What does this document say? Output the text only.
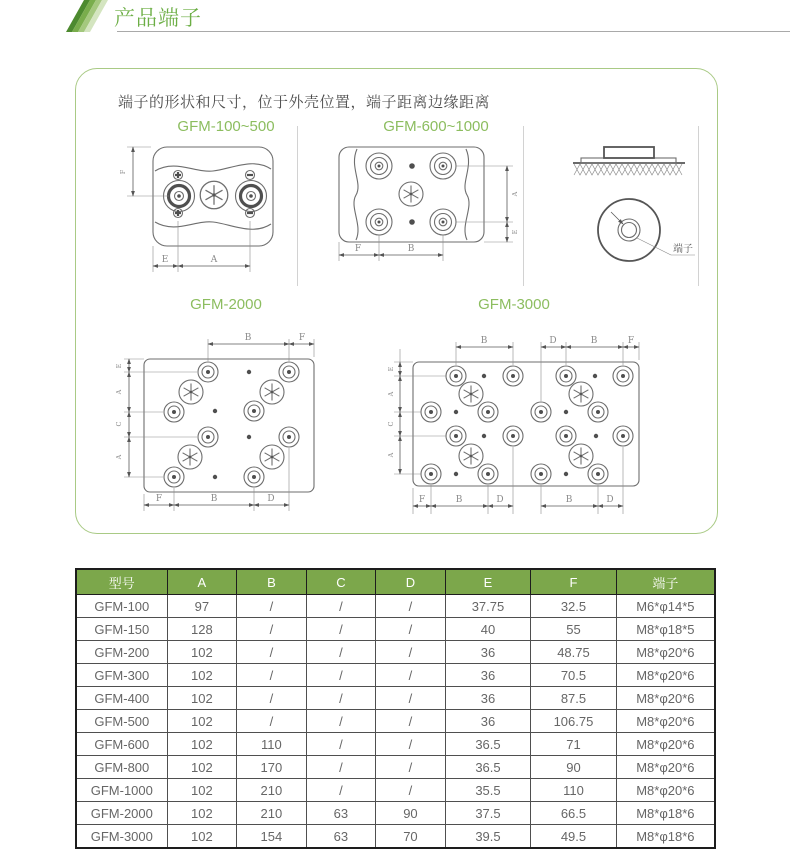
产品端子
端子的形状和尺寸，位于外壳位置，端子距离边缘距离
GFM-100~500	GFM-600~1000
GFM-2000	GFM-3000
F
E	A
F	B
A
E
端子
B	F
E
A
C
A
F	B	D
B	D	B	F
E
A
C
A
F	B	D	B	D
型号	A	B	C	D	E	F	端子
GFM-100	97	/	/	/	37.75	32.5	M6*φ14*5
GFM-150	128	/	/	/	40	55	M8*φ18*5
GFM-200	102	/	/	/	36	48.75	M8*φ20*6
GFM-300	102	/	/	/	36	70.5	M8*φ20*6
GFM-400	102	/	/	/	36	87.5	M8*φ20*6
GFM-500	102	/	/	/	36	106.75	M8*φ20*6
GFM-600	102	110	/	/	36.5	71	M8*φ20*6
GFM-800	102	170	/	/	36.5	90	M8*φ20*6
GFM-1000	102	210	/	/	35.5	110	M8*φ20*6
GFM-2000	102	210	63	90	37.5	66.5	M8*φ18*6
GFM-3000	102	154	63	70	39.5	49.5	M8*φ18*6
